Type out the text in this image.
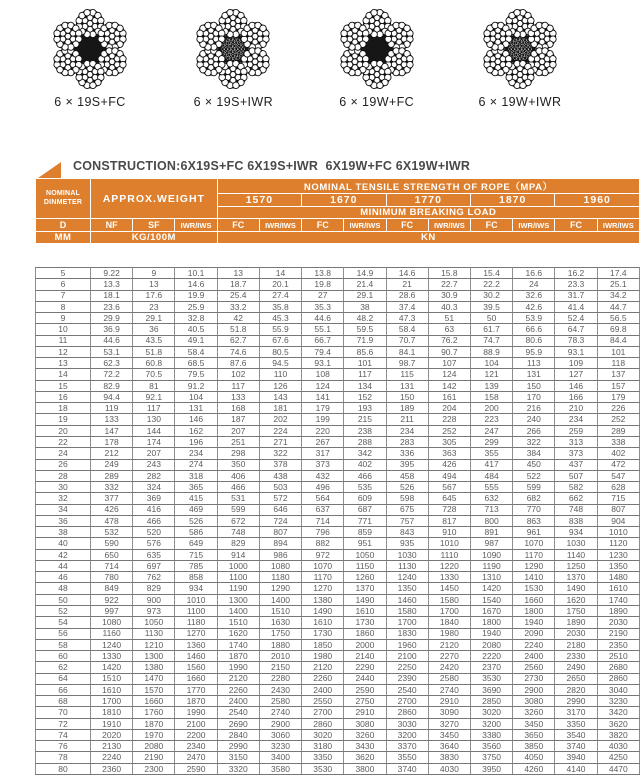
6 × 19S+FC	6 × 19S+IWR	6 × 19W+FC	6 × 19W+IWR
CONSTRUCTION:6X19S+FC 6X19S+IWR  6X19W+FC 6X19W+IWR
NOMINAL DINMETER	APPROX.WEIGHT			NOMINAL TENSILE STRENGTH OF ROPE（MPA）									
				1570		1670		1770		1870		1960	
				MINIMUM BREAKING LOAD									
D	NF	SF	IWR/IWS	FC	IWR/IWS	FC	IWR/IWS	FC	IWR/IWS	FC	IWR/IWS	FC	IWR/IWS
MM	KG/100M			KN									
5	9.22	9	10.1	13	14	13.8	14.9	14.6	15.8	15.4	16.6	16.2	17.4
6	13.3	13	14.6	18.7	20.1	19.8	21.4	21	22.7	22.2	24	23.3	25.1
7	18.1	17.6	19.9	25.4	27.4	27	29.1	28.6	30.9	30.2	32.6	31.7	34.2
8	23.6	23	25.9	33.2	35.8	35.3	38	37.4	40.3	39.5	42.6	41.4	44.7
9	29.9	29.1	32.8	42	45.3	44.6	48.2	47.3	51	50	53.9	52.4	56.5
10	36.9	36	40.5	51.8	55.9	55.1	59.5	58.4	63	61.7	66.6	64.7	69.8
11	44.6	43.5	49.1	62.7	67.6	66.7	71.9	70.7	76.2	74.7	80.6	78.3	84.4
12	53.1	51.8	58.4	74.6	80.5	79.4	85.6	84.1	90.7	88.9	95.9	93.1	101
13	62.3	60.8	68.5	87.6	94.5	93.1	101	98.7	107	104	113	109	118
14	72.2	70.5	79.5	102	110	108	117	115	124	121	131	127	137
15	82.9	81	91.2	117	126	124	134	131	142	139	150	146	157
16	94.4	92.1	104	133	143	141	152	150	161	158	170	166	179
18	119	117	131	168	181	179	193	189	204	200	216	210	226
19	133	130	146	187	202	199	215	211	228	223	240	234	252
20	147	144	162	207	224	220	238	234	252	247	266	259	289
22	178	174	196	251	271	267	288	283	305	299	322	313	338
24	212	207	234	298	322	317	342	336	363	355	384	373	402
26	249	243	274	350	378	373	402	395	426	417	450	437	472
28	289	282	318	406	438	432	466	458	494	484	522	507	547
30	332	324	365	466	503	496	535	526	567	555	599	582	628
32	377	369	415	531	572	564	609	598	645	632	682	662	715
34	426	416	469	599	646	637	687	675	728	713	770	748	807
36	478	466	526	672	724	714	771	757	817	800	863	838	904
38	532	520	586	748	807	796	859	843	910	891	961	934	1010
40	590	576	649	829	894	882	951	935	1010	987	1070	1030	1120
42	650	635	715	914	986	972	1050	1030	1110	1090	1170	1140	1230
44	714	697	785	1000	1080	1070	1150	1130	1220	1190	1290	1250	1350
46	780	762	858	1100	1180	1170	1260	1240	1330	1310	1410	1370	1480
48	849	829	934	1190	1290	1270	1370	1350	1450	1420	1530	1490	1610
50	922	900	1010	1300	1400	1380	1490	1460	1580	1540	1660	1620	1740
52	997	973	1100	1400	1510	1490	1610	1580	1700	1670	1800	1750	1890
54	1080	1050	1180	1510	1630	1610	1730	1700	1840	1800	1940	1890	2030
56	1160	1130	1270	1620	1750	1730	1860	1830	1980	1940	2090	2030	2190
58	1240	1210	1360	1740	1880	1850	2000	1960	2120	2080	2240	2180	2350
60	1330	1300	1460	1870	2010	1980	2140	2100	2270	2220	2400	2330	2510
62	1420	1380	1560	1990	2150	2120	2290	2250	2420	2370	2560	2490	2680
64	1510	1470	1660	2120	2280	2260	2440	2390	2580	3530	2730	2650	2860
66	1610	1570	1770	2260	2430	2400	2590	2540	2740	3690	2900	2820	3040
68	1700	1660	1870	2400	2580	2550	2750	2700	2910	2850	3080	2990	3230
70	1810	1760	1990	2540	2740	2700	2910	2860	3090	3020	3260	3170	3420
72	1910	1870	2100	2690	2900	2860	3080	3030	3270	3200	3450	3350	3620
74	2020	1970	2200	2840	3060	3020	3260	3200	3450	3380	3650	3540	3820
76	2130	2080	2340	2990	3230	3180	3430	3370	3640	3560	3850	3740	4030
78	2240	2190	2470	3150	3400	3350	3620	3550	3830	3750	4050	3940	4250
80	2360	2300	2590	3320	3580	3530	3800	3740	4030	3950	4260	4140	4470
